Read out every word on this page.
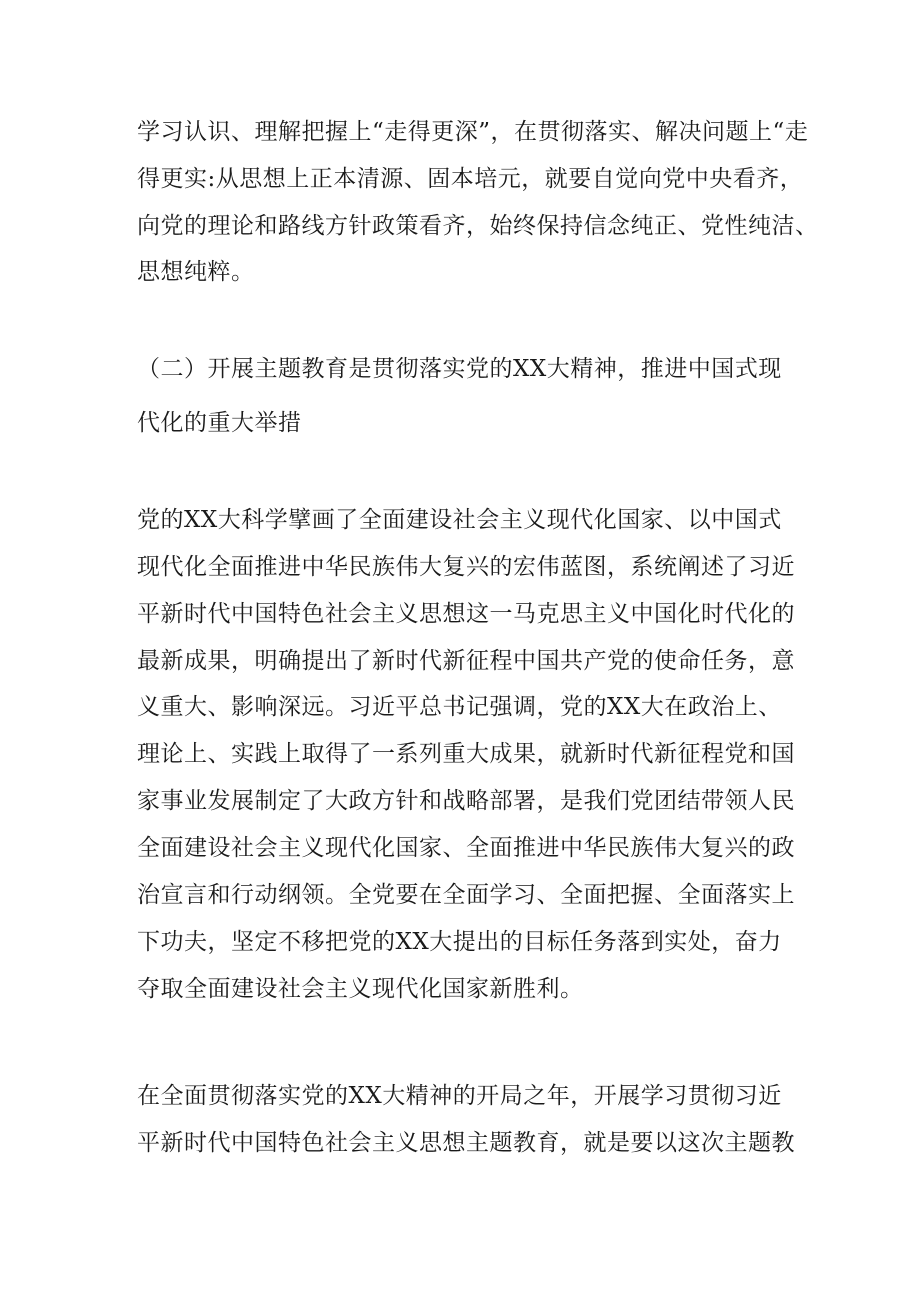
学习认识、理解把握上“走得更深”，在贯彻落实、解决问题上“走
得更实:从思想上正本清源、固本培元，就要自觉向党中央看齐，
向党的理论和路线方针政策看齐，始终保持信念纯正、党性纯洁、
思想纯粹。
（二）开展主题教育是贯彻落实党的XX大精神，推进中国式现
代化的重大举措
党的XX大科学擘画了全面建设社会主义现代化国家、以中国式
现代化全面推进中华民族伟大复兴的宏伟蓝图，系统阐述了习近
平新时代中国特色社会主义思想这一马克思主义中国化时代化的
最新成果，明确提出了新时代新征程中国共产党的使命任务，意
义重大、影响深远。习近平总书记强调，党的XX大在政治上、
理论上、实践上取得了一系列重大成果，就新时代新征程党和国
家事业发展制定了大政方针和战略部署，是我们党团结带领人民
全面建设社会主义现代化国家、全面推进中华民族伟大复兴的政
治宣言和行动纲领。全党要在全面学习、全面把握、全面落实上
下功夫，坚定不移把党的XX大提出的目标任务落到实处，奋力
夺取全面建设社会主义现代化国家新胜利。
在全面贯彻落实党的XX大精神的开局之年，开展学习贯彻习近
平新时代中国特色社会主义思想主题教育，就是要以这次主题教
